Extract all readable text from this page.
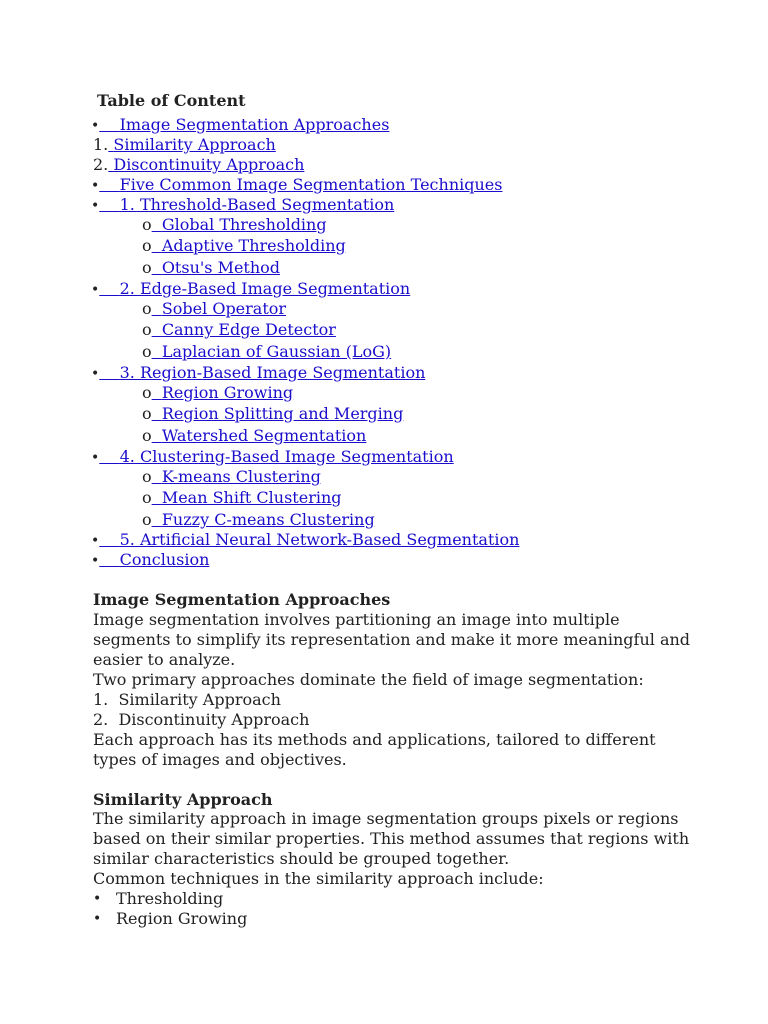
Table of Content
• Image Segmentation Approaches
1. Similarity Approach
2. Discontinuity Approach
• Five Common Image Segmentation Techniques
• 1. Threshold-Based Segmentation
o Global Thresholding
o Adaptive Thresholding
o Otsu's Method
• 2. Edge-Based Image Segmentation
o Sobel Operator
o Canny Edge Detector
o Laplacian of Gaussian (LoG)
• 3. Region-Based Image Segmentation
o Region Growing
o Region Splitting and Merging
o Watershed Segmentation
• 4. Clustering-Based Image Segmentation
o K-means Clustering
o Mean Shift Clustering
o Fuzzy C-means Clustering
• 5. Artificial Neural Network-Based Segmentation
• Conclusion
Image Segmentation Approaches
Image segmentation involves partitioning an image into multiple
segments to simplify its representation and make it more meaningful and
easier to analyze.
Two primary approaches dominate the field of image segmentation:
1. Similarity Approach
2. Discontinuity Approach
Each approach has its methods and applications, tailored to different
types of images and objectives.
Similarity Approach
The similarity approach in image segmentation groups pixels or regions
based on their similar properties. This method assumes that regions with
similar characteristics should be grouped together.
Common techniques in the similarity approach include:
• Thresholding
• Region Growing
